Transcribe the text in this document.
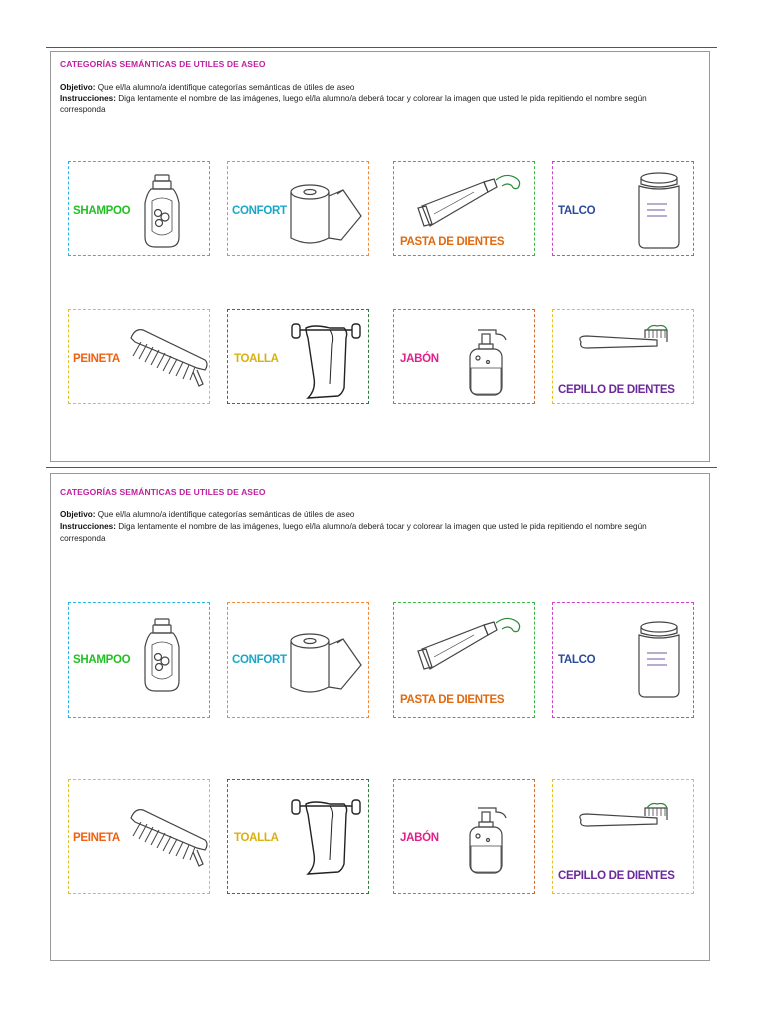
CATEGORÍAS SEMÁNTICAS DE UTILES DE ASEO
Objetivo: Que el/la alumno/a identifique categorías semánticas de útiles de aseo
Instrucciones: Diga lentamente el nombre de las imágenes, luego el/la alumno/a deberá tocar y colorear la imagen que usted le pida repitiendo el nombre según
corresponda
SHAMPOO	CONFORT
PASTA DE DIENTES
TALCO
PEINETA	TOALLA	JABÓN
CEPILLO DE DIENTES
CATEGORÍAS SEMÁNTICAS DE UTILES DE ASEO
Objetivo: Que el/la alumno/a identifique categorías semánticas de útiles de aseo
Instrucciones: Diga lentamente el nombre de las imágenes, luego el/la alumno/a deberá tocar y colorear la imagen que usted le pida repitiendo el nombre según
corresponda
SHAMPOO	CONFORT
PASTA DE DIENTES
TALCO
PEINETA	TOALLA	JABÓN
CEPILLO DE DIENTES
